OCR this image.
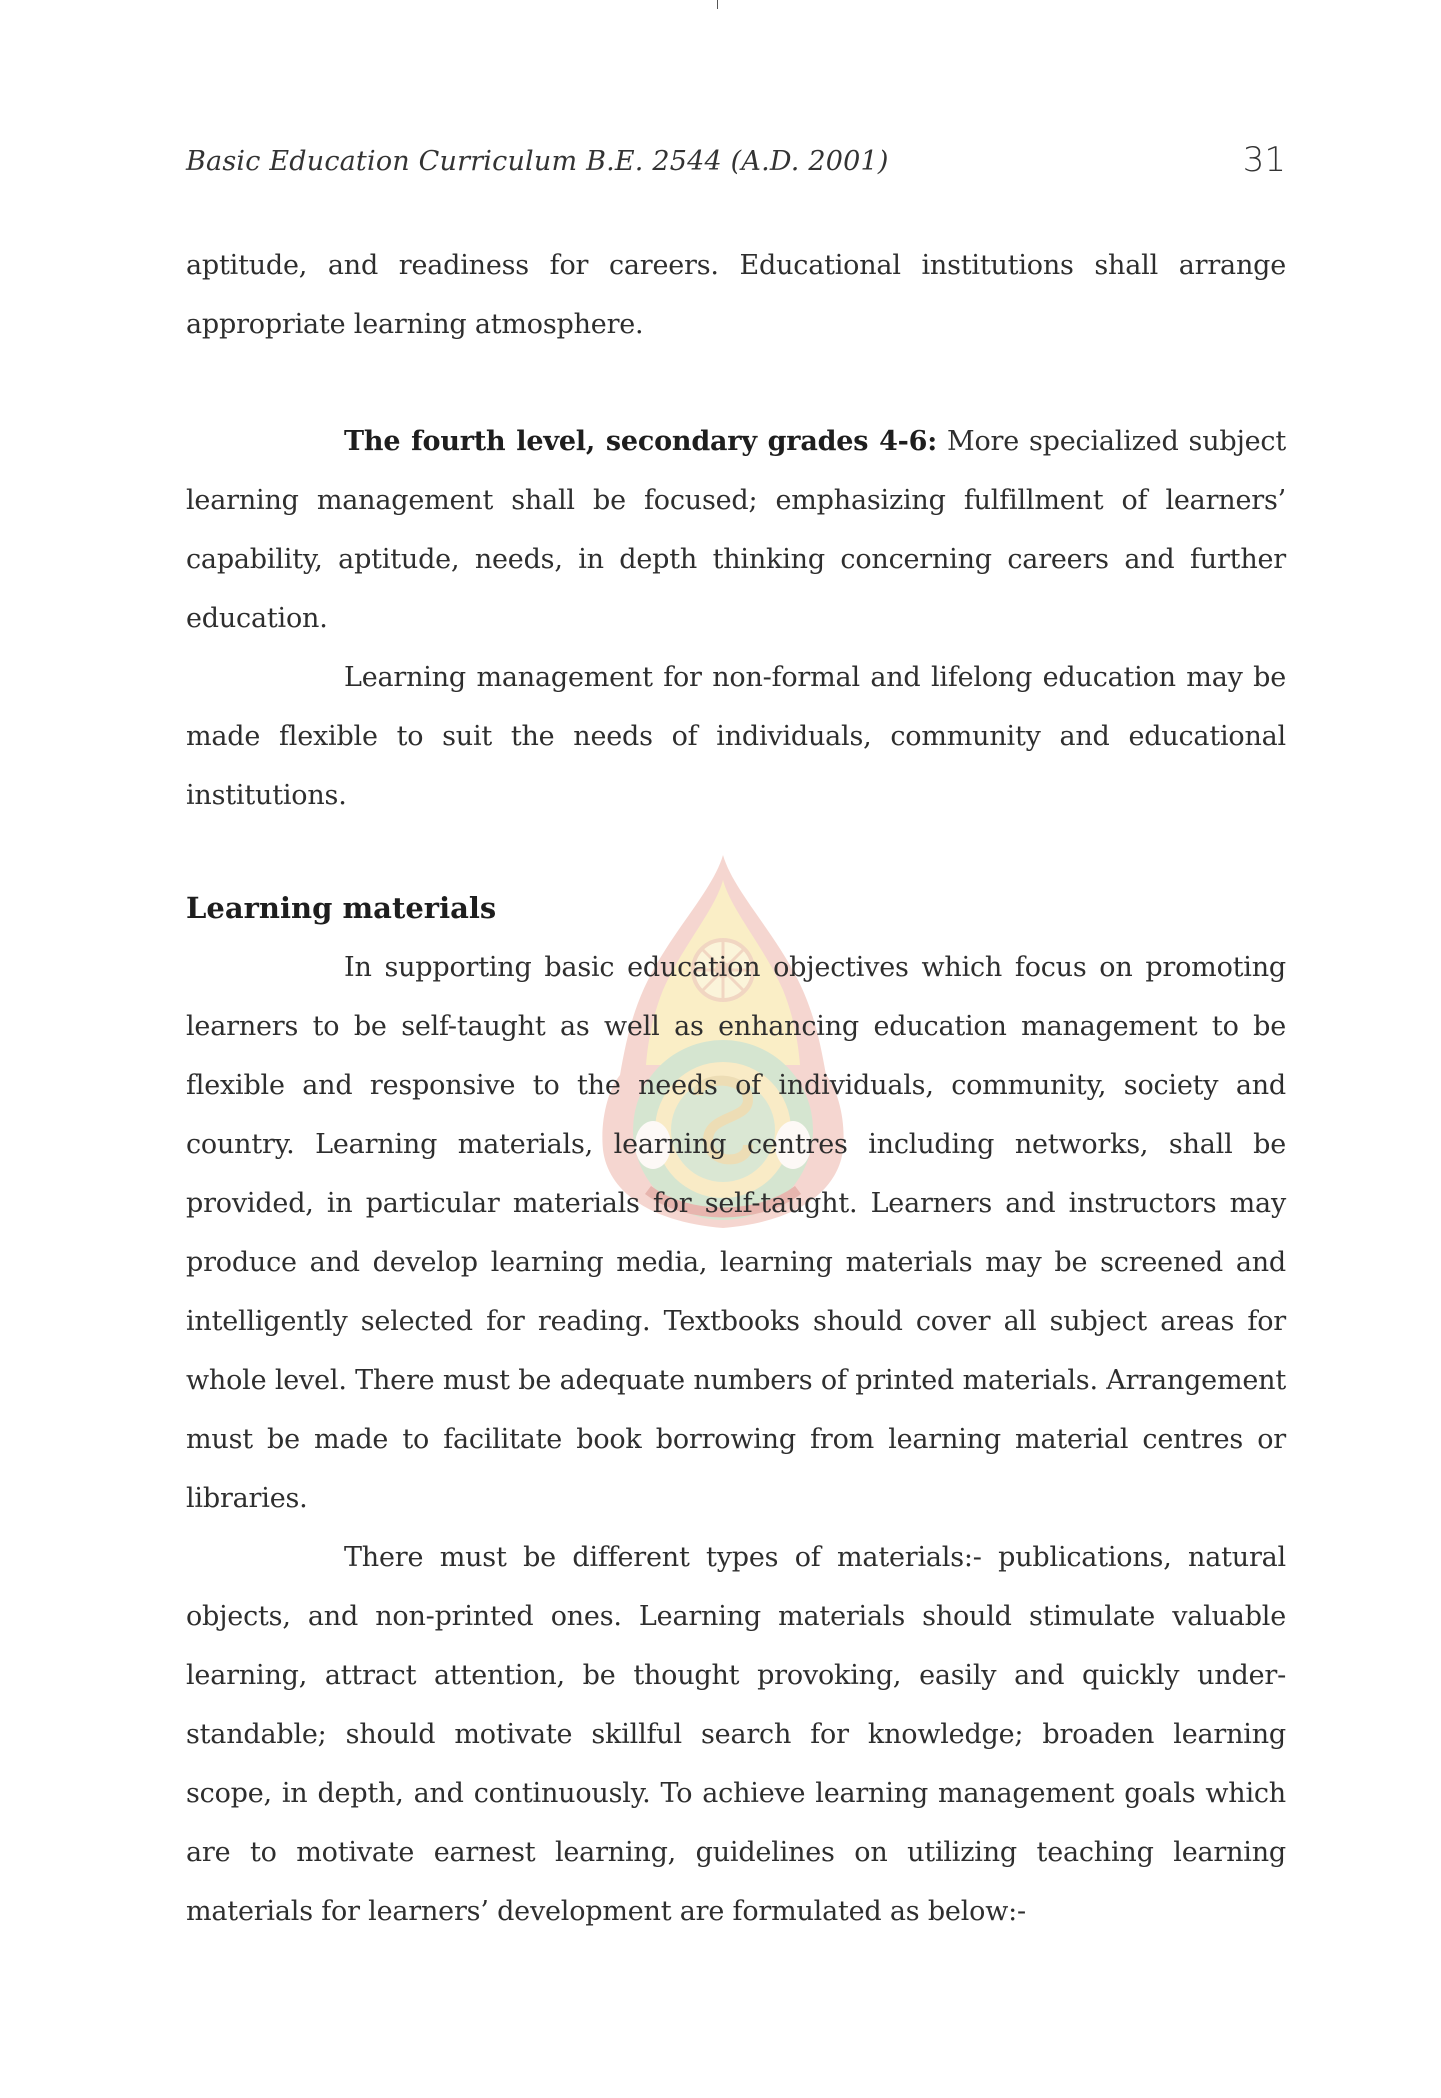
Basic Education Curriculum B.E. 2544 (A.D. 2001)	31

aptitude, and readiness for careers. Educational institutions shall arrange appropriate learning atmosphere.

The fourth level, secondary grades 4-6: More specialized subject learning management shall be focused; emphasizing fulfillment of learners’ capability, aptitude, needs, in depth thinking concerning careers and further education.

Learning management for non-formal and lifelong education may be made flexible to suit the needs of individuals, community and educational institutions.

Learning materials

In supporting basic education objectives which focus on promoting learners to be self-taught as well as enhancing education management to be flexible and responsive to the needs of individuals, community, society and country. Learning materials, learning centres including networks, shall be provided, in particular materials for self-taught. Learners and instructors may produce and develop learning media, learning materials may be screened and intelligently selected for reading. Textbooks should cover all subject areas for whole level. There must be adequate numbers of printed materials. Arrangement must be made to facilitate book borrowing from learning material centres or libraries.

There must be different types of materials:- publications, natural objects, and non-printed ones. Learning materials should stimulate valuable learning, attract attention, be thought provoking, easily and quickly under-standable; should motivate skillful search for knowledge; broaden learning scope, in depth, and continuously. To achieve learning management goals which are to motivate earnest learning, guidelines on utilizing teaching learning materials for learners’ development are formulated as below:-
